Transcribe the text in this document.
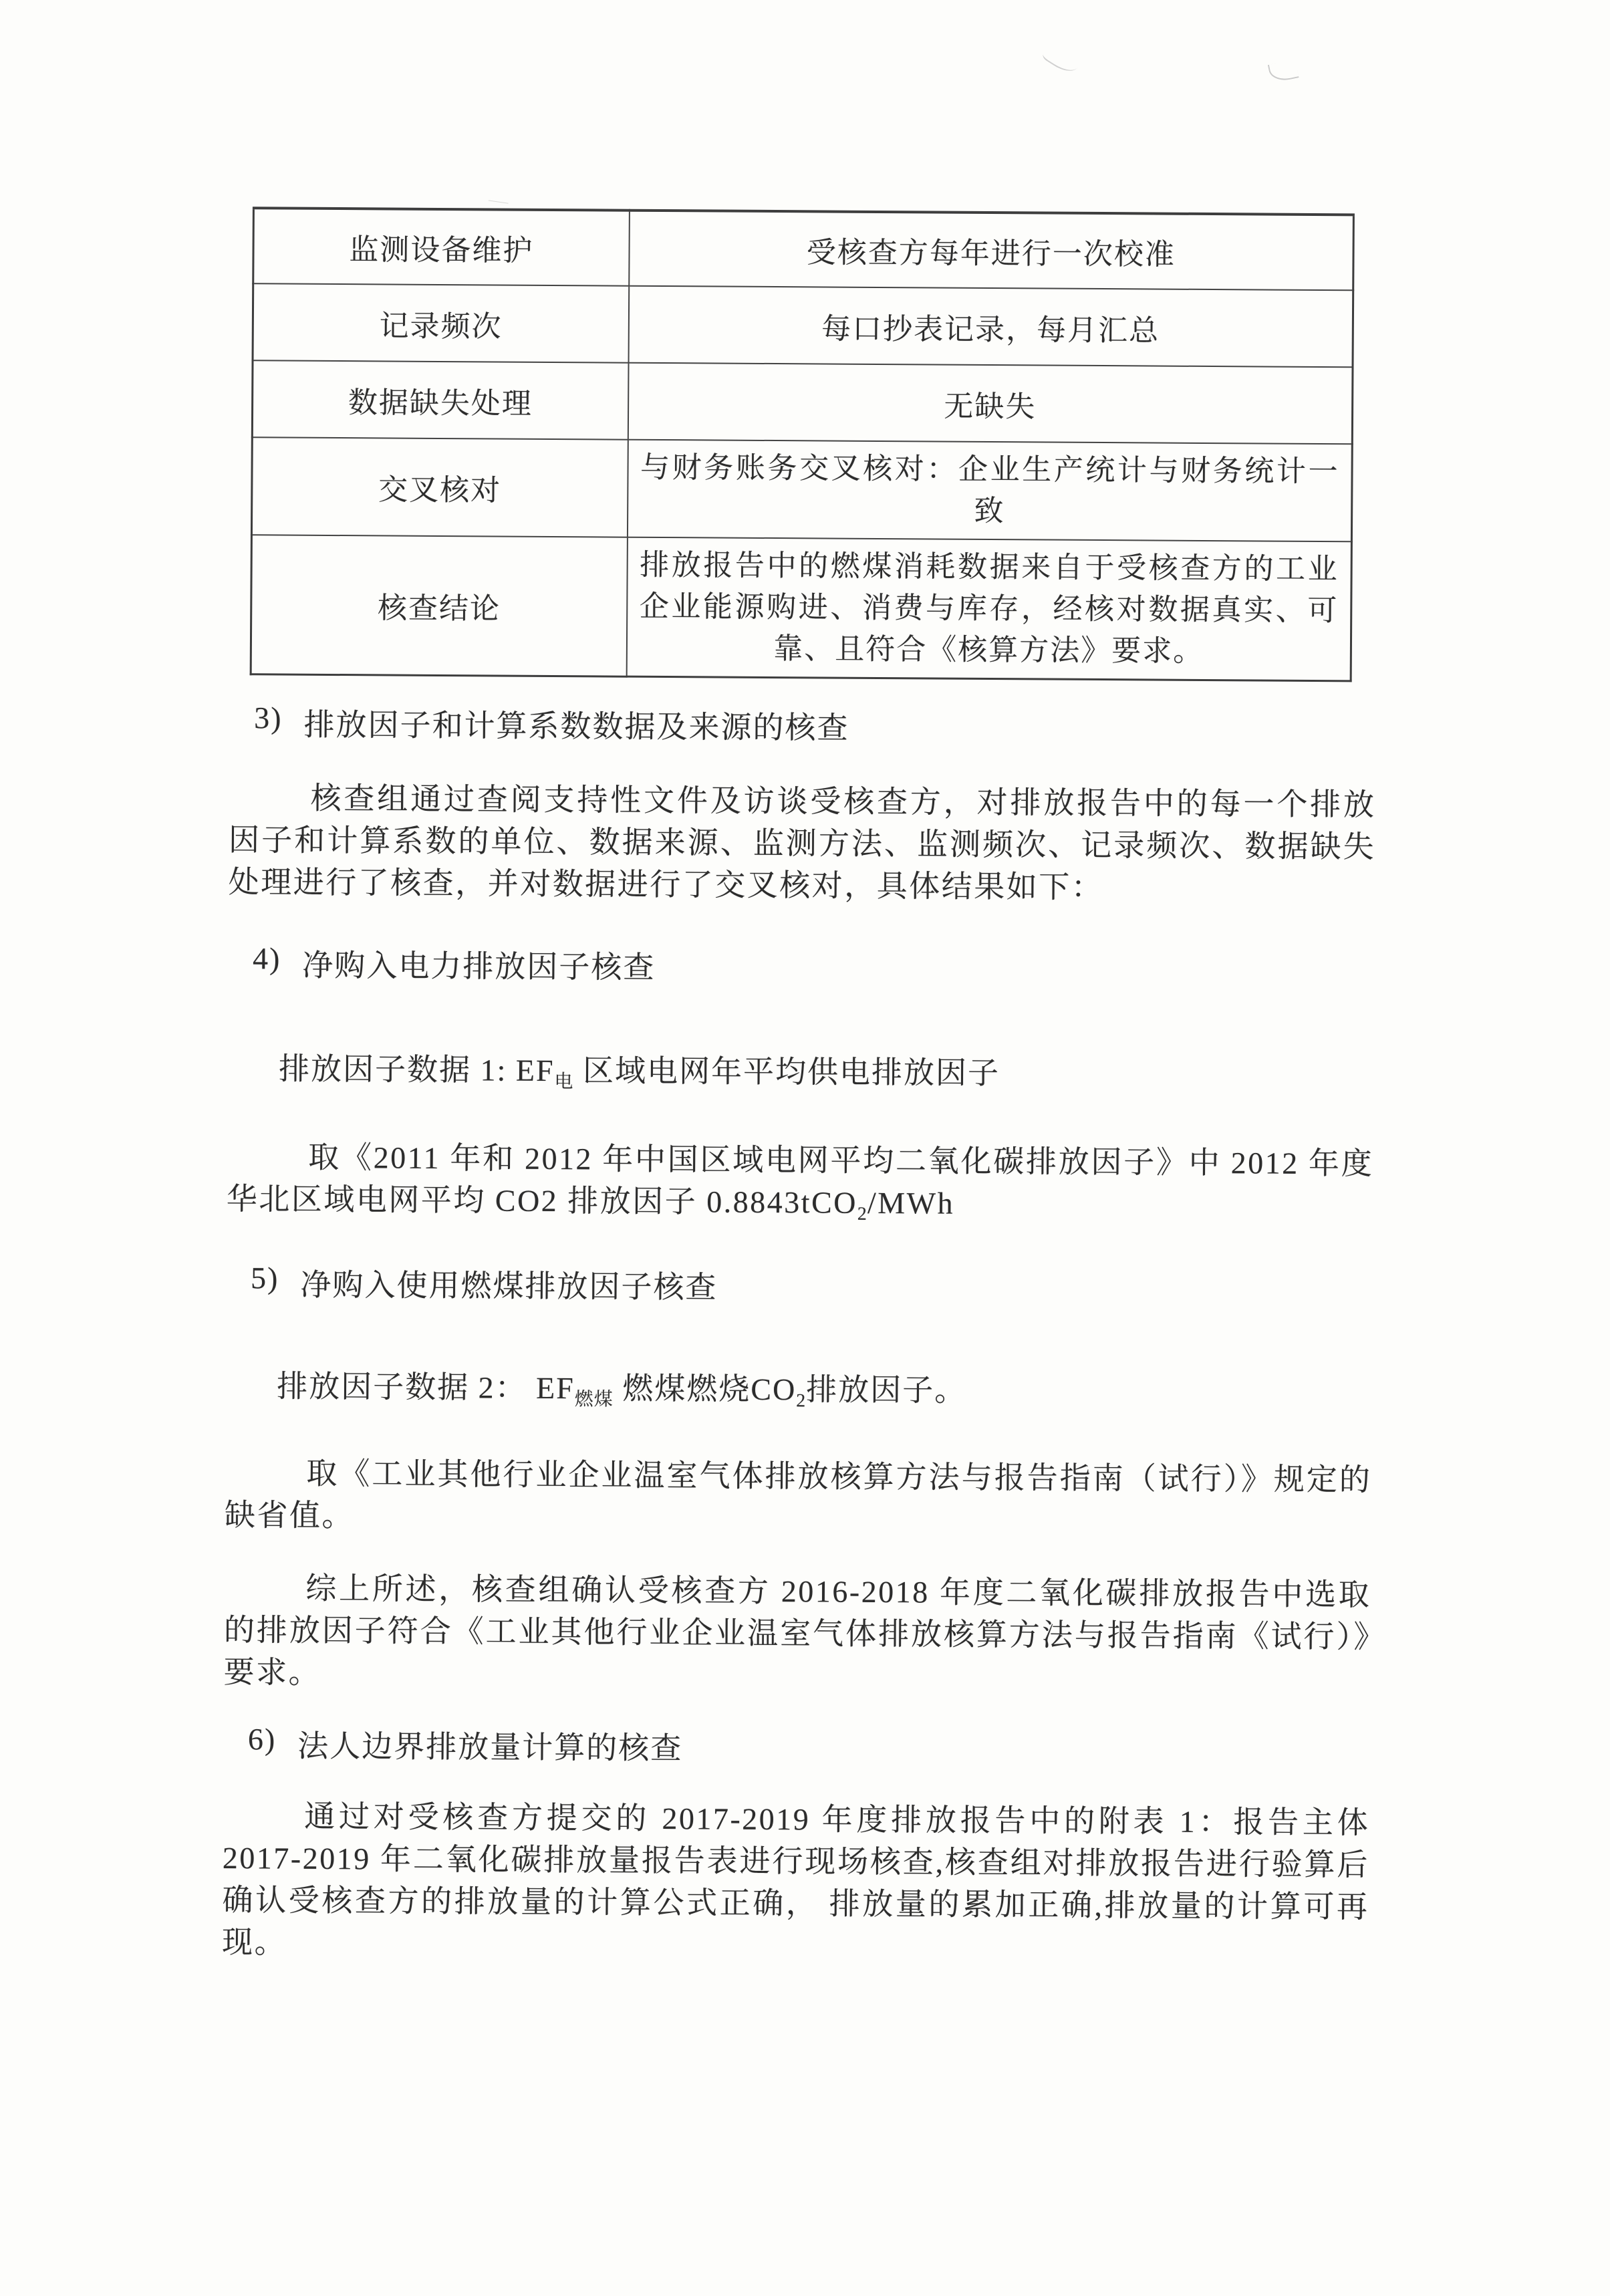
监测设备维护	受核查方每年进行一次校准
记录频次	每口抄表记录，每月汇总
数据缺失处理	无缺失
交叉核对	与财务账务交叉核对：企业生产统计与财务统计一致
核查结论	排放报告中的燃煤消耗数据来自于受核查方的工业企业能源购进、消费与库存，经核对数据真实、可靠、且符合《核算方法》要求。
3) 排放因子和计算系数数据及来源的核查
核查组通过查阅支持性文件及访谈受核查方，对排放报告中的每一个排放因子和计算系数的单位、数据来源、监测方法、监测频次、记录频次、数据缺失处理进行了核查，并对数据进行了交叉核对，具体结果如下：
4) 净购入电力排放因子核查
排放因子数据 1: $EF_电$ 区域电网年平均供电排放因子
取《2011 年和 2012 年中国区域电网平均二氧化碳排放因子》中 2012 年度华北区域电网平均 CO2 排放因子 0.8843tCO$_2$/MWh
5) 净购入使用燃煤排放因子核查
排放因子数据 2： $EF_{燃煤}$ 燃煤燃烧$CO_2$排放因子。
取《工业其他行业企业温室气体排放核算方法与报告指南（试行）》规定的缺省值。
综上所述，核查组确认受核查方 2016-2018 年度二氧化碳排放报告中选取的排放因子符合《工业其他行业企业温室气体排放核算方法与报告指南《试行）》要求。
6) 法人边界排放量计算的核查
通过对受核查方提交的 2017-2019 年度排放报告中的附表 1：报告主体 2017-2019 年二氧化碳排放量报告表进行现场核查,核查组对排放报告进行验算后确认受核查方的排放量的计算公式正确， 排放量的累加正确,排放量的计算可再现。
